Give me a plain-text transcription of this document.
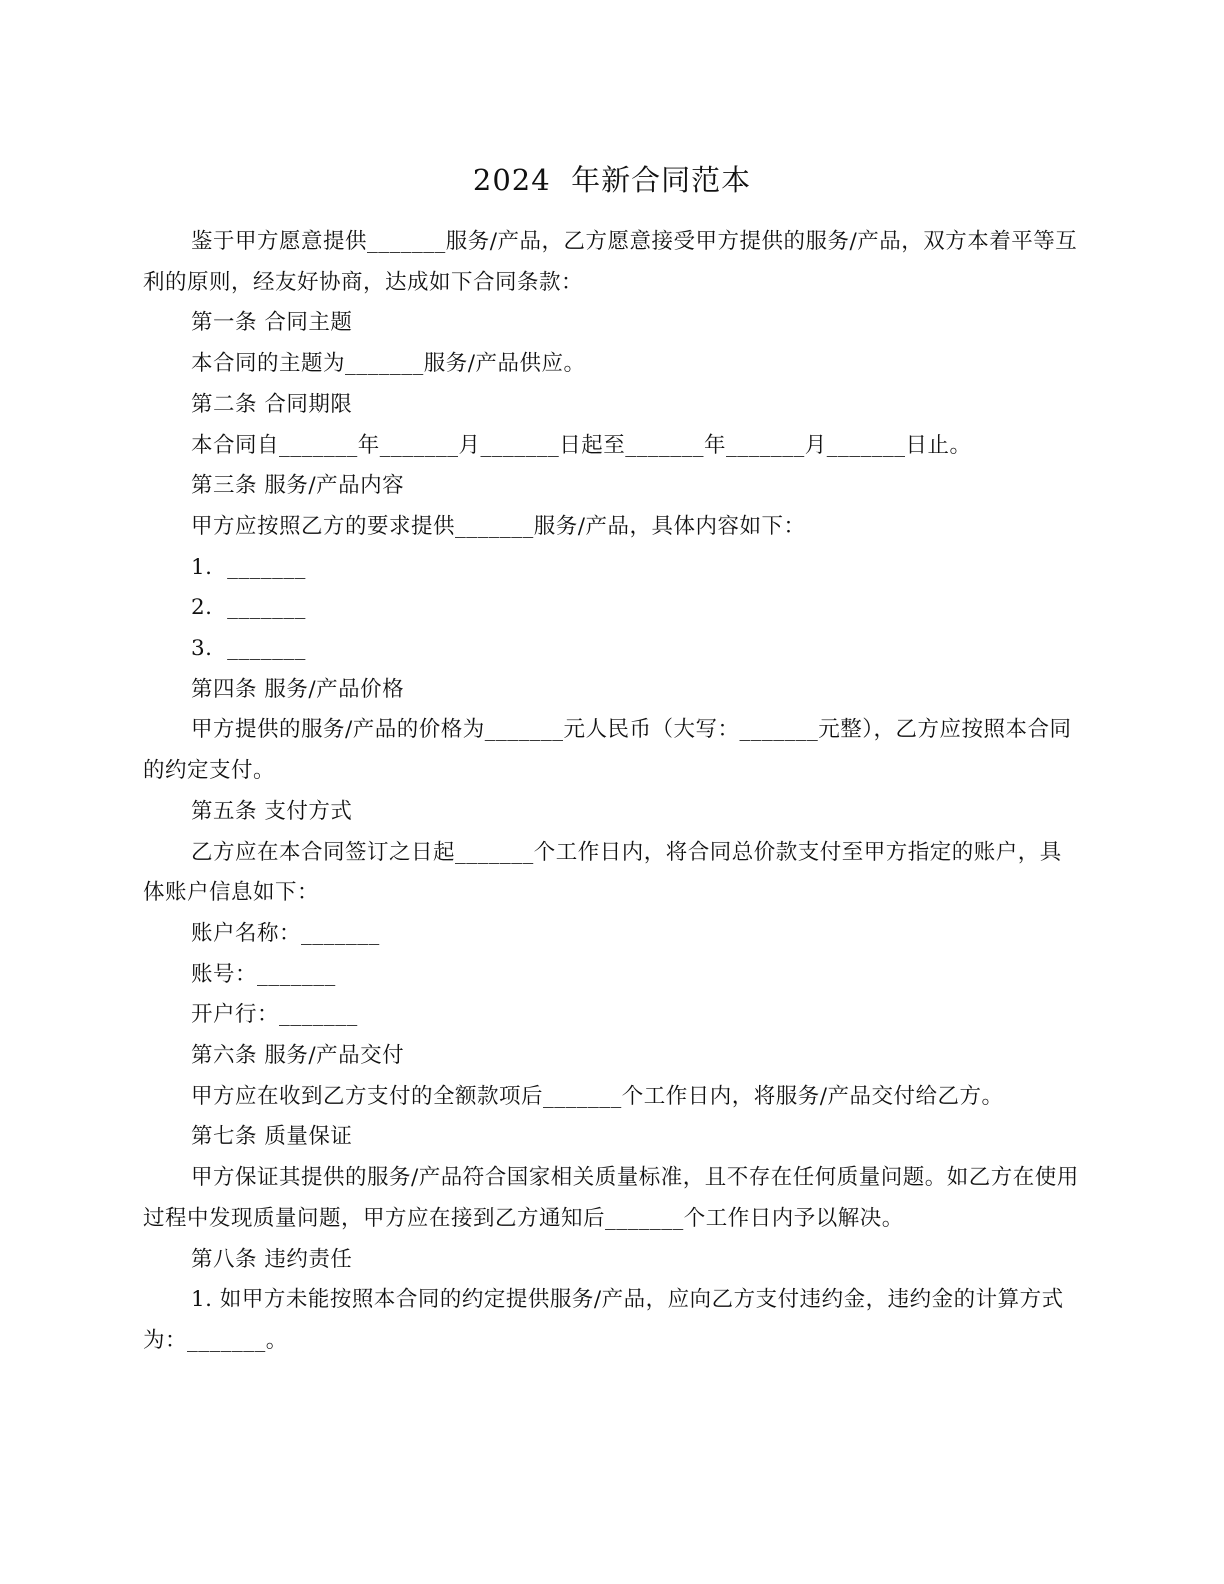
2024  年新合同范本

鉴于甲方愿意提供_______服务/产品，乙方愿意接受甲方提供的服务/产品，双方本着平等互利的原则，经友好协商，达成如下合同条款：

第一条 合同主题

本合同的主题为_______服务/产品供应。

第二条 合同期限

本合同自_______年_______月_______日起至_______年_______月_______日止。

第三条 服务/产品内容

甲方应按照乙方的要求提供_______服务/产品，具体内容如下：

1.  _______

2.  _______

3.  _______

第四条 服务/产品价格

甲方提供的服务/产品的价格为_______元人民币（大写：_______元整），乙方应按照本合同的约定支付。

第五条 支付方式

乙方应在本合同签订之日起_______个工作日内，将合同总价款支付至甲方指定的账户，具体账户信息如下：

账户名称：_______

账号：_______

开户行：_______

第六条 服务/产品交付

甲方应在收到乙方支付的全额款项后_______个工作日内，将服务/产品交付给乙方。

第七条 质量保证

甲方保证其提供的服务/产品符合国家相关质量标准，且不存在任何质量问题。如乙方在使用过程中发现质量问题，甲方应在接到乙方通知后_______个工作日内予以解决。

第八条 违约责任

1. 如甲方未能按照本合同的约定提供服务/产品，应向乙方支付违约金，违约金的计算方式为：_______。
